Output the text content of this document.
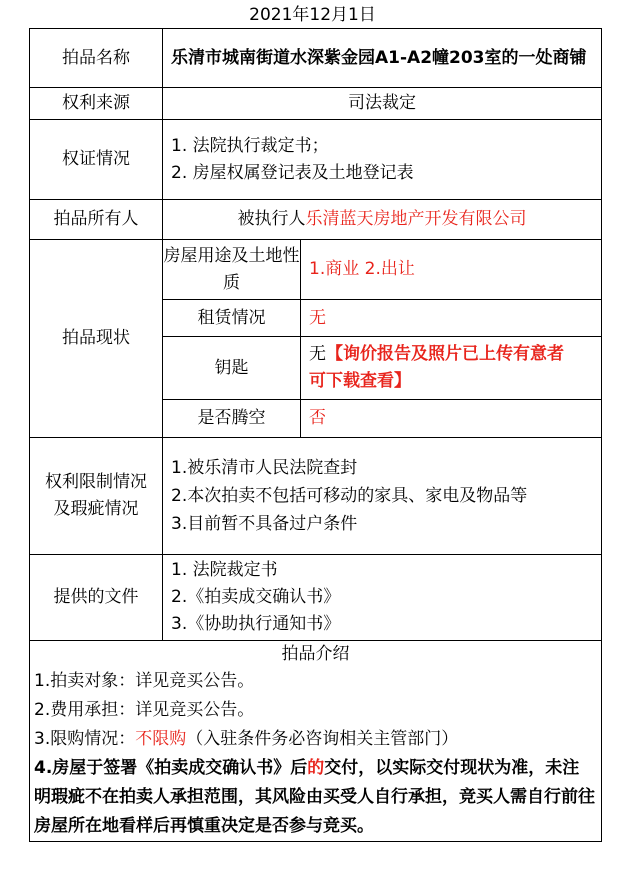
2021年12月1日
拍品名称	乐清市城南街道水深紫金园A1-A2幢203室的一处商铺	
权利来源	司法裁定	
权证情况	1. 法院执行裁定书；
2. 房屋权属登记表及土地登记表	

拍品所有人	被执行人乐清蓝天房地产开发有限公司	
拍品现状	房屋用途及土地性质	1.商业 2.出让
	租赁情况	无
	钥匙	无【询价报告及照片已上传有意者可下载查看】
	是否腾空	否
权利限制情况及瑕疵情况	1.被乐清市人民法院查封
2.本次拍卖不包括可移动的家具、家电及物品等
3.目前暂不具备过户条件	

提供的文件	1. 法院裁定书
2.《拍卖成交确认书》
3.《协助执行通知书》	

拍品介绍
1.拍卖对象：详见竞买公告。
2.费用承担：详见竞买公告。
3.限购情况：不限购（入驻条件务必咨询相关主管部门）
4.房屋于签署《拍卖成交确认书》后的交付，以实际交付现状为准，未注明瑕疵不在拍卖人承担范围，其风险由买受人自行承担，竞买人需自行前往房屋所在地看样后再慎重决定是否参与竞买。		
